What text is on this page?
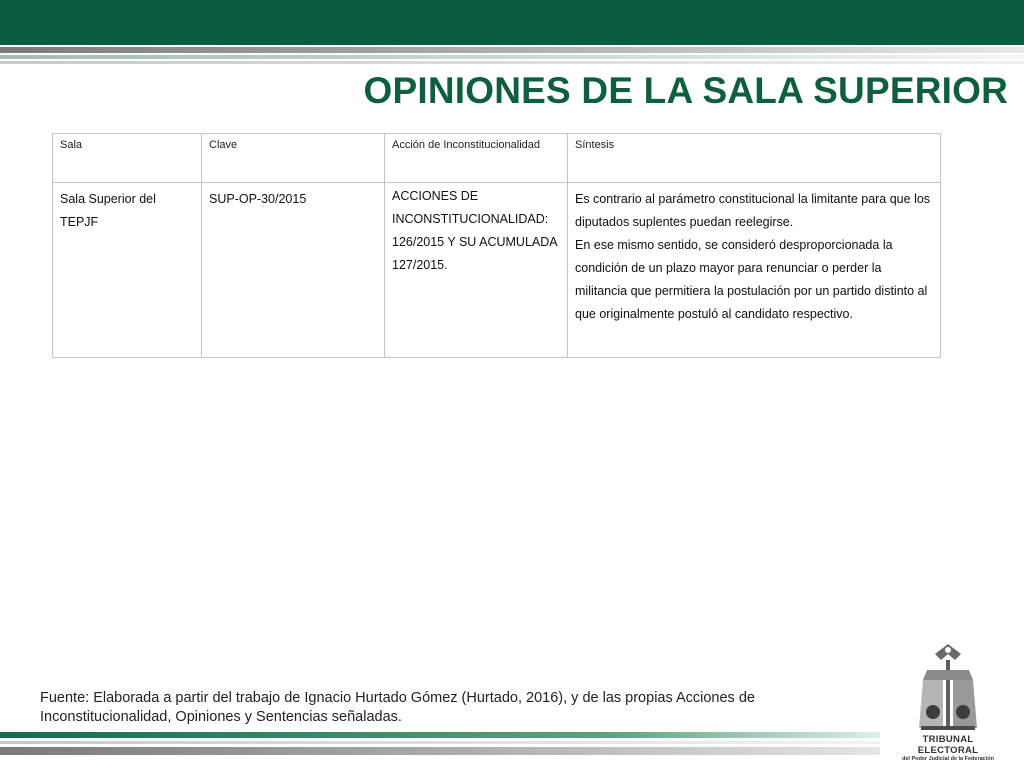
OPINIONES DE LA SALA SUPERIOR
Sala	Clave	Acción de Inconstitucionalidad	Síntesis
Sala Superior del TEPJF	SUP-OP-30/2015	ACCIONES DE INCONSTITUCIONALIDAD: 126/2015 Y SU ACUMULADA 127/2015.	Es contrario al parámetro constitucional la limitante para que los diputados suplentes puedan reelegirse.
En ese mismo sentido, se consideró desproporcionada la condición de un plazo mayor para renunciar o perder la militancia que permitiera la postulación por un partido distinto al que originalmente postuló al candidato respectivo.

Fuente: Elaborada a partir del trabajo de Ignacio Hurtado Gómez (Hurtado, 2016), y de las propias Acciones de Inconstitucionalidad, Opiniones y Sentencias señaladas.

TRIBUNAL ELECTORAL
del Poder Judicial de la Federación
